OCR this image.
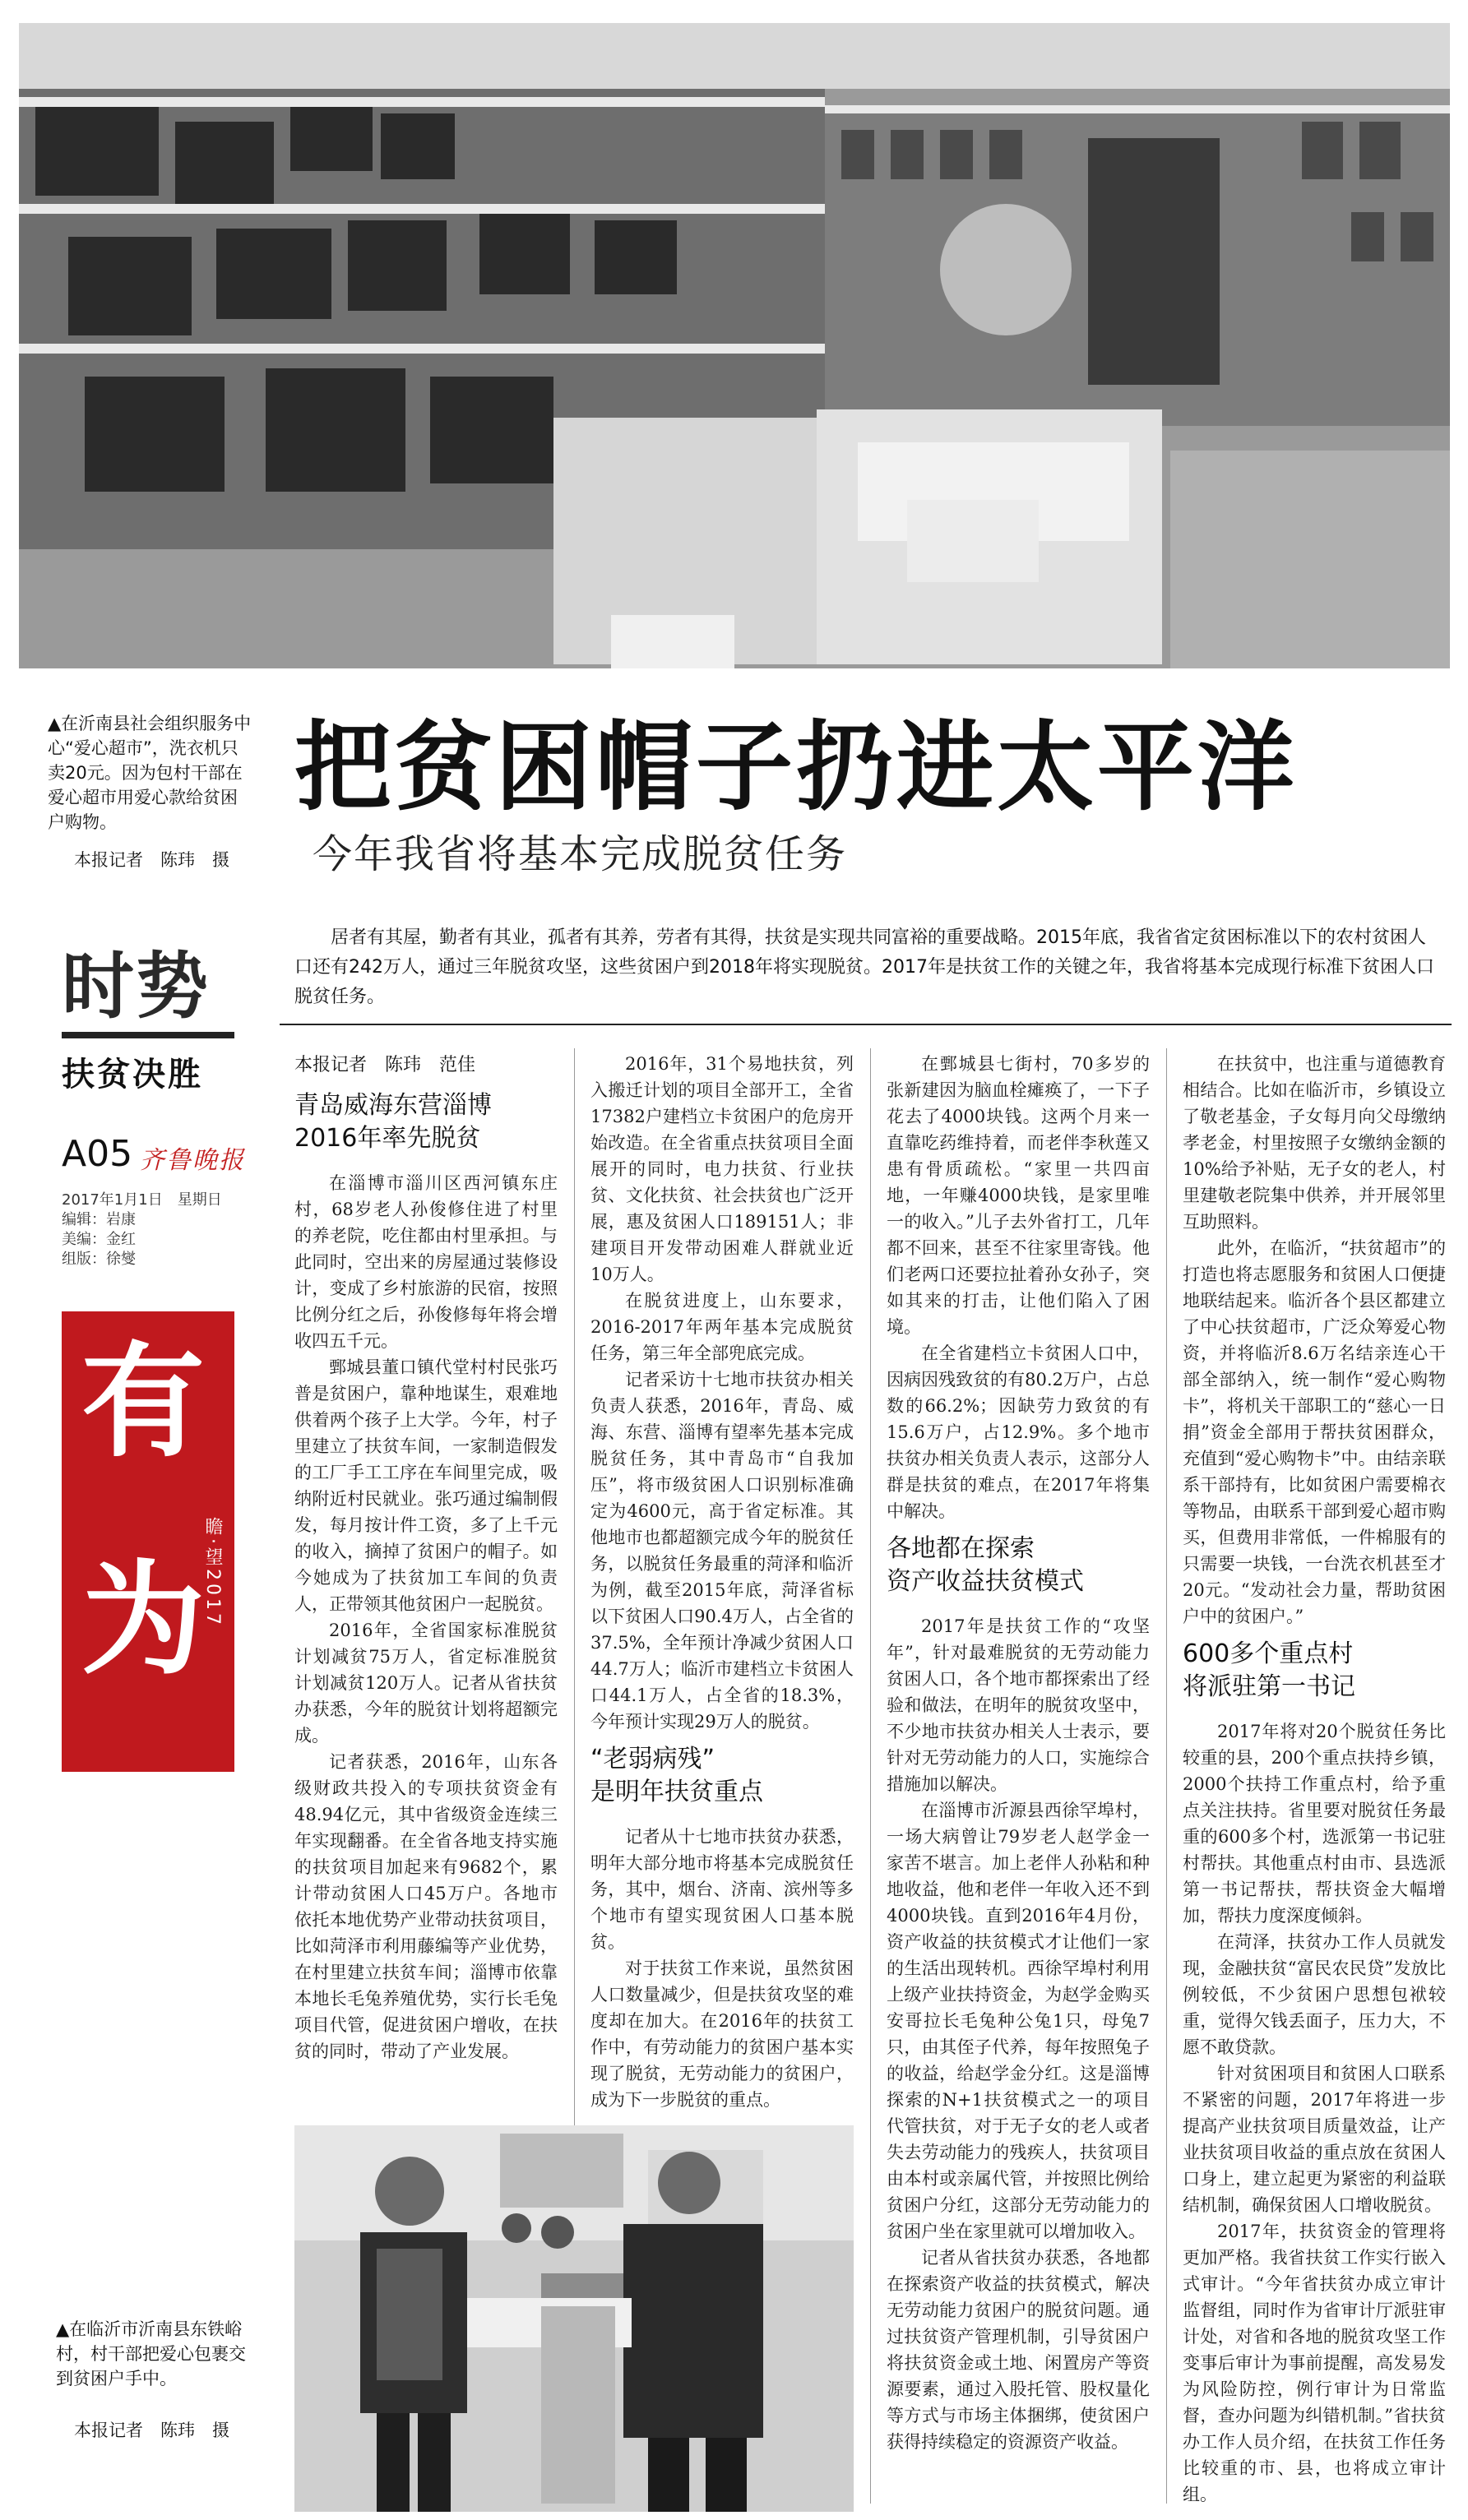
▲在沂南县社会组织服务中心“爱心超市”，洗衣机只卖20元。因为包村干部在爱心超市用爱心款给贫困户购物。
本报记者　陈玮　摄
把贫困帽子扔进太平洋
今年我省将基本完成脱贫任务
时势
扶贫决胜
A05 齐鲁晚报
2017年1月1日　星期日
编辑：岩康
美编：金红
组版：徐燮
有
为
瞻·望2017
居者有其屋，勤者有其业，孤者有其养，劳者有其得，扶贫是实现共同富裕的重要战略。2015年底，我省省定贫困标准以下的农村贫困人口还有242万人，通过三年脱贫攻坚，这些贫困户到2018年将实现脱贫。2017年是扶贫工作的关键之年，我省将基本完成现行标准下贫困人口脱贫任务。
本报记者　陈玮　范佳
青岛威海东营淄博
2016年率先脱贫

在淄博市淄川区西河镇东庄村，68岁老人孙俊修住进了村里的养老院，吃住都由村里承担。与此同时，空出来的房屋通过装修设计，变成了乡村旅游的民宿，按照比例分红之后，孙俊修每年将会增收四五千元。

鄄城县董口镇代堂村村民张巧普是贫困户，靠种地谋生，艰难地供着两个孩子上大学。今年，村子里建立了扶贫车间，一家制造假发的工厂手工工序在车间里完成，吸纳附近村民就业。张巧通过编制假发，每月按计件工资，多了上千元的收入，摘掉了贫困户的帽子。如今她成为了扶贫加工车间的负责人，正带领其他贫困户一起脱贫。

2016年，全省国家标准脱贫计划减贫75万人，省定标准脱贫计划减贫120万人。记者从省扶贫办获悉，今年的脱贫计划将超额完成。

记者获悉，2016年，山东各级财政共投入的专项扶贫资金有48.94亿元，其中省级资金连续三年实现翻番。在全省各地支持实施的扶贫项目加起来有9682个，累计带动贫困人口45万户。各地市依托本地优势产业带动扶贫项目，比如菏泽市利用藤编等产业优势，在村里建立扶贫车间；淄博市依靠本地长毛兔养殖优势，实行长毛兔项目代管，促进贫困户增收，在扶贫的同时，带动了产业发展。

2016年，31个易地扶贫，列入搬迁计划的项目全部开工，全省17382户建档立卡贫困户的危房开始改造。在全省重点扶贫项目全面展开的同时，电力扶贫、行业扶贫、文化扶贫、社会扶贫也广泛开展，惠及贫困人口189151人；非建项目开发带动困难人群就业近10万人。

在脱贫进度上，山东要求，2016-2017年两年基本完成脱贫任务，第三年全部兜底完成。

记者采访十七地市扶贫办相关负责人获悉，2016年，青岛、威海、东营、淄博有望率先基本完成脱贫任务，其中青岛市“自我加压”，将市级贫困人口识别标准确定为4600元，高于省定标准。其他地市也都超额完成今年的脱贫任务，以脱贫任务最重的菏泽和临沂为例，截至2015年底，菏泽省标以下贫困人口90.4万人，占全省的37.5%，全年预计净减少贫困人口44.7万人；临沂市建档立卡贫困人口44.1万人，占全省的18.3%，今年预计实现29万人的脱贫。

“老弱病残”
是明年扶贫重点

记者从十七地市扶贫办获悉，明年大部分地市将基本完成脱贫任务，其中，烟台、济南、滨州等多个地市有望实现贫困人口基本脱贫。

对于扶贫工作来说，虽然贫困人口数量减少，但是扶贫攻坚的难度却在加大。在2016年的扶贫工作中，有劳动能力的贫困户基本实现了脱贫，无劳动能力的贫困户，成为下一步脱贫的重点。

在鄄城县七街村，70多岁的张新建因为脑血栓瘫痪了，一下子花去了4000块钱。这两个月来一直靠吃药维持着，而老伴李秋莲又患有骨质疏松。“家里一共四亩地，一年赚4000块钱，是家里唯一的收入。”儿子去外省打工，几年都不回来，甚至不往家里寄钱。他们老两口还要拉扯着孙女孙子，突如其来的打击，让他们陷入了困境。

在全省建档立卡贫困人口中，因病因残致贫的有80.2万户，占总数的66.2%；因缺劳力致贫的有15.6万户，占12.9%。多个地市扶贫办相关负责人表示，这部分人群是扶贫的难点，在2017年将集中解决。

各地都在探索
资产收益扶贫模式

2017年是扶贫工作的“攻坚年”，针对最难脱贫的无劳动能力贫困人口，各个地市都探索出了经验和做法，在明年的脱贫攻坚中，不少地市扶贫办相关人士表示，要针对无劳动能力的人口，实施综合措施加以解决。

在淄博市沂源县西徐罕埠村，一场大病曾让79岁老人赵学金一家苦不堪言。加上老伴人孙粘和种地收益，他和老伴一年收入还不到4000块钱。直到2016年4月份，资产收益的扶贫模式才让他们一家的生活出现转机。西徐罕埠村利用上级产业扶持资金，为赵学金购买安哥拉长毛兔种公兔1只，母兔7只，由其侄子代养，每年按照兔子的收益，给赵学金分红。这是淄博探索的N+1扶贫模式之一的项目代管扶贫，对于无子女的老人或者失去劳动能力的残疾人，扶贫项目由本村或亲属代管，并按照比例给贫困户分红，这部分无劳动能力的贫困户坐在家里就可以增加收入。

记者从省扶贫办获悉，各地都在探索资产收益的扶贫模式，解决无劳动能力贫困户的脱贫问题。通过扶贫资产管理机制，引导贫困户将扶贫资金或土地、闲置房产等资源要素，通过入股托管、股权量化等方式与市场主体捆绑，使贫困户获得持续稳定的资源资产收益。

在扶贫中，也注重与道德教育相结合。比如在临沂市，乡镇设立了敬老基金，子女每月向父母缴纳孝老金，村里按照子女缴纳金额的10%给予补贴，无子女的老人，村里建敬老院集中供养，并开展邻里互助照料。

此外，在临沂，“扶贫超市”的打造也将志愿服务和贫困人口便捷地联结起来。临沂各个县区都建立了中心扶贫超市，广泛众筹爱心物资，并将临沂8.6万名结亲连心干部全部纳入，统一制作“爱心购物卡”，将机关干部职工的“慈心一日捐”资金全部用于帮扶贫困群众，充值到“爱心购物卡”中。由结亲联系干部持有，比如贫困户需要棉衣等物品，由联系干部到爱心超市购买，但费用非常低，一件棉服有的只需要一块钱，一台洗衣机甚至才20元。“发动社会力量，帮助贫困户中的贫困户。”

600多个重点村
将派驻第一书记

2017年将对20个脱贫任务比较重的县，200个重点扶持乡镇，2000个扶持工作重点村，给予重点关注扶持。省里要对脱贫任务最重的600多个村，选派第一书记驻村帮扶。其他重点村由市、县选派第一书记帮扶，帮扶资金大幅增加，帮扶力度深度倾斜。

在菏泽，扶贫办工作人员就发现，金融扶贫“富民农民贷”发放比例较低，不少贫困户思想包袱较重，觉得欠钱丢面子，压力大，不愿不敢贷款。

针对贫困项目和贫困人口联系不紧密的问题，2017年将进一步提高产业扶贫项目质量效益，让产业扶贫项目收益的重点放在贫困人口身上，建立起更为紧密的利益联结机制，确保贫困人口增收脱贫。

2017年，扶贫资金的管理将更加严格。我省扶贫工作实行嵌入式审计。“今年省扶贫办成立审计监督组，同时作为省审计厅派驻审计处，对省和各地的脱贫攻坚工作变事后审计为事前提醒，高发易发为风险防控，例行审计为日常监督，查办问题为纠错机制。”省扶贫办工作人员介绍，在扶贫工作任务比较重的市、县，也将成立审计组。

▲在临沂市沂南县东铁峪村，村干部把爱心包裹交到贫困户手中。
本报记者　陈玮　摄
